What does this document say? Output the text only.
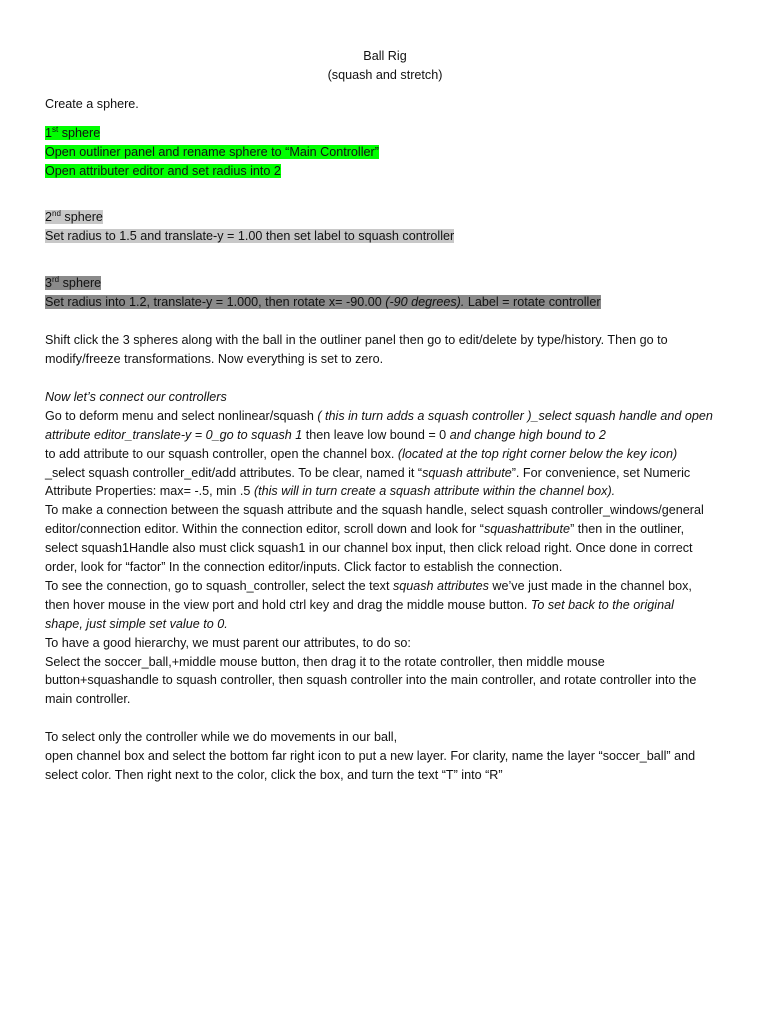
Ball Rig

(squash and stretch)

Create a sphere.

1st sphere

Open outliner panel and rename sphere to “Main Controller”

Open attributer editor and set radius into 2

2nd sphere

Set radius to 1.5 and translate-y = 1.00 then set label to squash controller

3rd sphere

Set radius into 1.2, translate-y = 1.000, then rotate x= -90.00 (-90 degrees). Label = rotate controller

Shift click the 3 spheres along with the ball in the outliner panel then go to edit/delete by type/history. Then go to

modify/freeze transformations. Now everything is set to zero.

Now let’s connect our controllers

Go to deform menu and select nonlinear/squash ( this in turn adds a squash controller )_select squash handle and open

attribute editor_translate-y = 0_go to squash 1 then leave low bound = 0 and change high bound to 2

to add attribute to our squash controller, open the channel box. (located at the top right corner below the key icon)

_select squash controller_edit/add attributes. To be clear, named it “squash attribute”. For convenience, set Numeric

Attribute Properties: max= -.5, min .5 (this will in turn create a squash attribute within the channel box).

To make a connection between the squash attribute and the squash handle, select squash controller_windows/general

editor/connection editor. Within the connection editor, scroll down and look for “squashattribute” then in the outliner,

select squash1Handle also must click squash1 in our channel box input, then click reload right. Once done in correct

order, look for “factor” In the connection editor/inputs. Click factor to establish the connection.

To see the connection, go to squash_controller, select the text squash attributes we’ve just made in the channel box,

then hover mouse in the view port and hold ctrl key and drag the middle mouse button. To set back to the original

shape, just simple set value to 0.

To have a good hierarchy, we must parent our attributes, to do so:

Select the soccer_ball,+middle mouse button, then drag it to the rotate controller, then middle mouse

button+squashandle to squash controller, then squash controller into the main controller, and rotate controller into the

main controller.

To select only the controller while we do movements in our ball,

open channel box and select the bottom far right icon to put a new layer. For clarity, name the layer “soccer_ball” and

select color. Then right next to the color, click the box, and turn the text “T” into “R”
